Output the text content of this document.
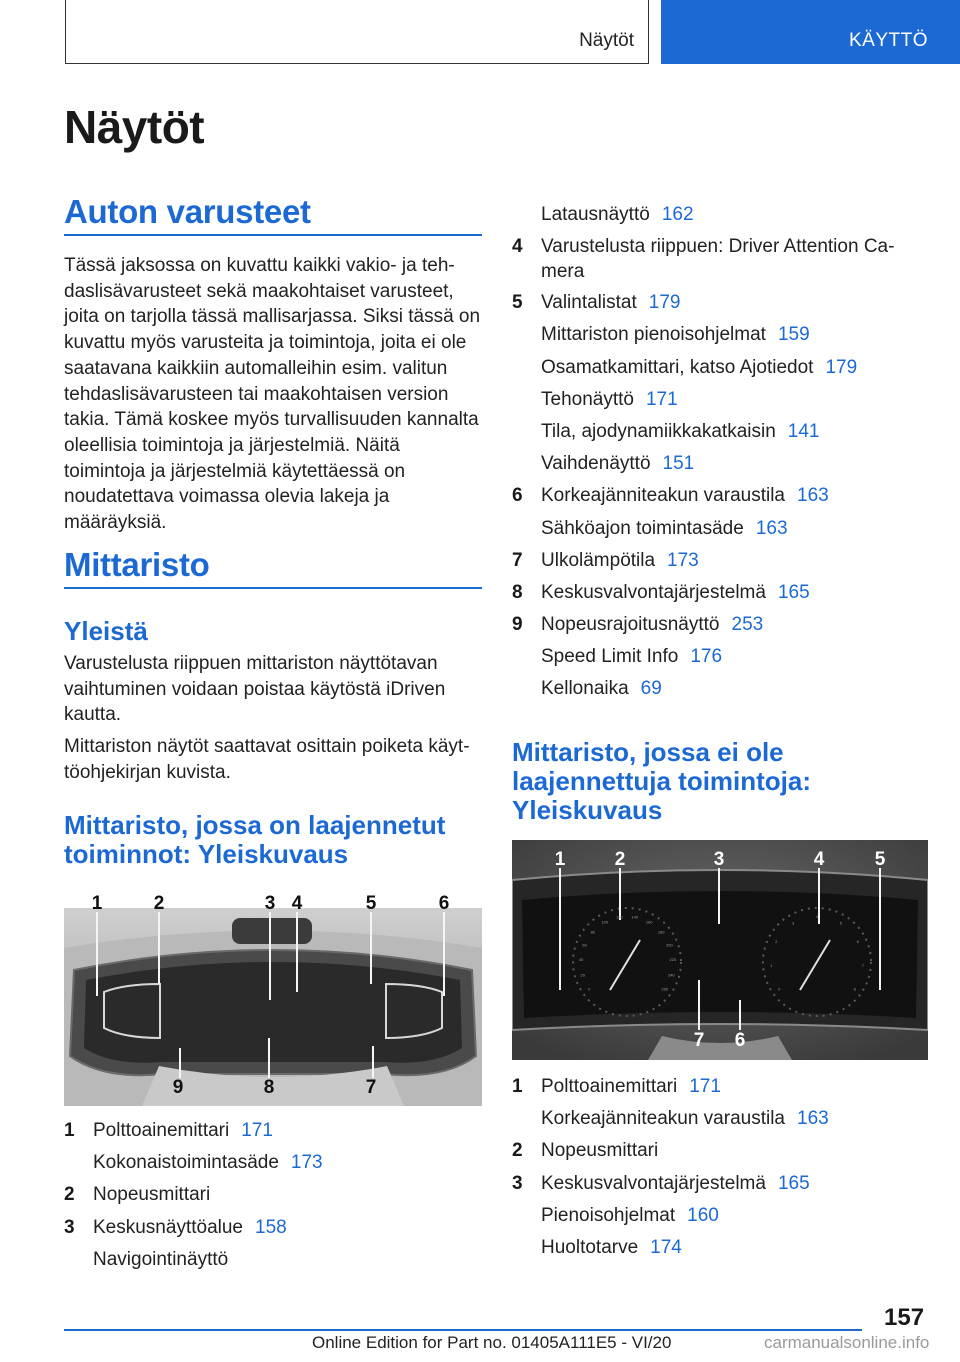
Näytöt	KÄYTTÖ
Näytöt
Auton varusteet

Tässä jaksossa on kuvattu kaikki vakio- ja tehdaslisävarusteet sekä maakohtaiset varusteet, joita on tarjolla tässä mallisarjassa. Siksi tässä on kuvattu myös varusteita ja toimintoja, joita ei ole saatavana kaikkiin automalleihin esim. valitun tehdaslisävarusteen tai maakohtaisen version takia. Tämä koskee myös turvallisuuden kannalta oleellisia toimintoja ja järjestelmiä. Näitä toimintoja ja järjestelmiä käytettäessä on noudatettava voimassa olevia lakeja ja määräyksiä.

Mittaristo
Yleistä

Varustelusta riippuen mittariston näyttötavan vaihtuminen voidaan poistaa käytöstä iDriven kautta.

Mittariston näytöt saattavat osittain poiketa käyttöohjekirjan kuvista.

Mittaristo, jossa on laajennetut toiminnot: Yleiskuvaus
1	2	3 4	5	6
9	8	7
1 Polttoainemittari 171
Kokonaistoimintasäde 173
2 Nopeusmittari
3 Keskusnäyttöalue 158
Navigointinäyttö
Latausnäyttö 162
4 Varustelusta riippuen: Driver Attention Camera
5 Valintalistat 179
Mittariston pienoisohjelmat 159
Osamatkamittari, katso Ajotiedot 179
Tehonäyttö 171
Tila, ajodynamiikkakatkaisin 141
Vaihdenäyttö 151
6 Korkeajänniteakun varaustila 163
Sähköajon toimintasäde 163
7 Ulkolämpötila 173
8 Keskusvalvontajärjestelmä 165
9 Nopeusrajoitusnäyttö 253
Speed Limit Info 176
Kellonaika 69
Mittaristo, jossa ei ole laajennettuja toimintoja: Yleiskuvaus
1	2	3	4	5
7 6
0
20
40
60
80
100
120 140
160
180
200
220
240
260	0
1
2
3
4
5
6
7
8
1 Polttoainemittari 171
Korkeajänniteakun varaustila 163
2 Nopeusmittari
3 Keskusvalvontajärjestelmä 165
Pienoisohjelmat 160
Huoltotarve 174
157
Online Edition for Part no. 01405A111E5 - VI/20	carmanualsonline.info
